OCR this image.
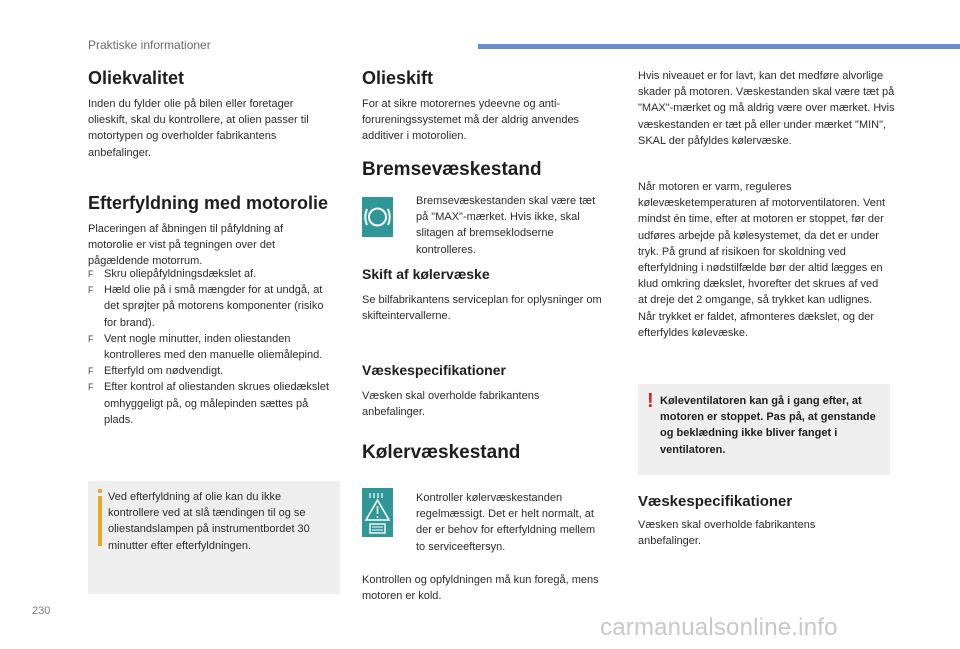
Praktiske informationer
Oliekvalitet

Inden du fylder olie på bilen eller foretager olieskift, skal du kontrollere, at olien passer til motortypen og overholder fabrikantens anbefalinger.

Efterfyldning med motorolie

Placeringen af åbningen til påfyldning af motorolie er vist på tegningen over det pågældende motorrum.

F Skru oliepåfyldningsdækslet af.
F Hæld olie på i små mængder for at undgå, at det sprøjter på motorens komponenter (risiko for brand).
F Vent nogle minutter, inden oliestanden kontrolleres med den manuelle oliemålepind.
F Efterfyld om nødvendigt.
F Efter kontrol af oliestanden skrues oliedækslet omhyggeligt på, og målepinden sættes på plads.

Ved efterfyldning af olie kan du ikke kontrollere ved at slå tændingen til og se oliestandslampen på instrumentbordet 30 minutter efter efterfyldningen.

Olieskift

For at sikre motorernes ydeevne og anti-forureningssystemet må der aldrig anvendes additiver i motorolien.

Bremsevæskestand

Bremsevæskestanden skal være tæt på "MAX"-mærket. Hvis ikke, skal slitagen af bremseklodserne kontrolleres.

Skift af kølervæske

Se bilfabrikantens serviceplan for oplysninger om skifteintervallerne.

Væskespecifikationer

Væsken skal overholde fabrikantens anbefalinger.

Kølervæskestand

Kontroller kølervæskestanden regelmæssigt. Det er helt normalt, at der er behov for efterfyldning mellem to serviceeftersyn.

Kontrollen og opfyldningen må kun foregå, mens motoren er kold.

Hvis niveauet er for lavt, kan det medføre alvorlige skader på motoren. Væskestanden skal være tæt på "MAX"-mærket og må aldrig være over mærket. Hvis væskestanden er tæt på eller under mærket "MIN", SKAL der påfyldes kølervæske.

Når motoren er varm, reguleres kølevæsketemperaturen af motorventilatoren. Vent mindst én time, efter at motoren er stoppet, før der udføres arbejde på kølesystemet, da det er under tryk. På grund af risikoen for skoldning ved efterfyldning i nødstilfælde bør der altid lægges en klud omkring dækslet, hvorefter det skrues af ved at dreje det 2 omgange, så trykket kan udlignes. Når trykket er faldet, afmonteres dækslet, og der efterfyldes kølevæske.

! Køleventilatoren kan gå i gang efter, at motoren er stoppet. Pas på, at genstande og beklædning ikke bliver fanget i ventilatoren.

Væskespecifikationer

Væsken skal overholde fabrikantens anbefalinger.

230
carmanualsonline.info
